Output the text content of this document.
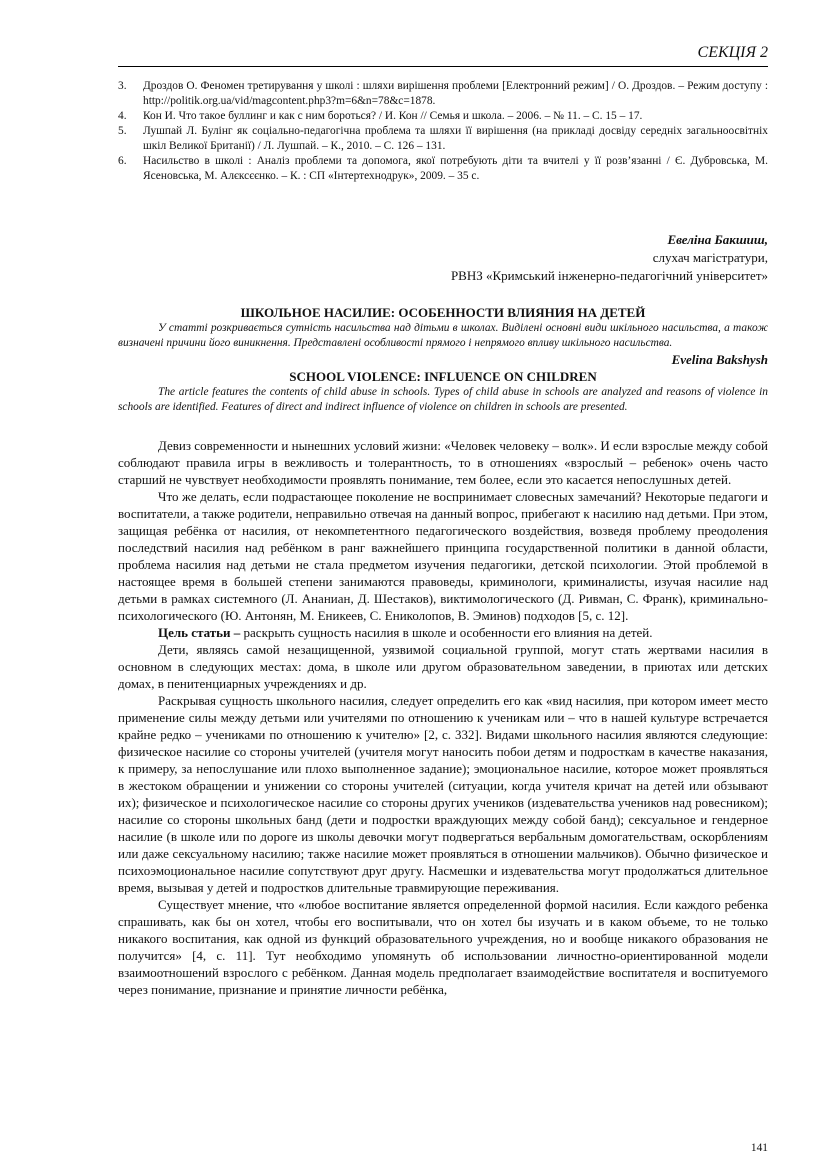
СЕКЦІЯ 2
3. Дроздов О. Феномен третирування у школі : шляхи вирішення проблеми [Електронний режим] / О. Дроздов. – Режим доступу : http://politik.org.ua/vid/magcontent.php3?m=6&n=78&c=1878.
4. Кон И. Что такое буллинг и как с ним бороться? / И. Кон // Семья и школа. – 2006. – № 11. – С. 15 – 17.
5. Лушпай Л. Булінг як соціально-педагогічна проблема та шляхи її вирішення (на прикладі досвіду середніх загальноосвітніх шкіл Великої Британії) / Л. Лушпай. – К., 2010. – С. 126 – 131.
6. Насильство в школі : Аналіз проблеми та допомога, якої потребують діти та вчителі у її розв’язанні / Є. Дубровська, М. Ясеновська, М. Алєксєєнко. – К. : СП «Інтертехнодрук», 2009. – 35 с.
Евеліна Бакшиш,
слухач магістратури,
РВНЗ «Кримський інженерно-педагогічний університет»
ШКОЛЬНОЕ НАСИЛИЕ: ОСОБЕННОСТИ ВЛИЯНИЯ НА ДЕТЕЙ

У статті розкривається сутність насильства над дітьми в школах. Виділені основні види шкільного насильства, а також визначені причини його виникнення. Представлені особливості прямого і непрямого впливу шкільного насильства.

Evelina Bakshysh
SCHOOL VIOLENCE: INFLUENCE ON CHILDREN

The article features the contents of child abuse in schools. Types of child abuse in schools are analyzed and reasons of violence in schools are identified. Features of direct and indirect influence of violence on children in schools are presented.

Девиз современности и нынешних условий жизни: «Человек человеку – волк». И если взрослые между собой соблюдают правила игры в вежливость и толерантность, то в отношениях «взрослый – ребенок» очень часто старший не чувствует необходимости проявлять понимание, тем более, если это касается непослушных детей.

Что же делать, если подрастающее поколение не воспринимает словесных замечаний? Некоторые педагоги и воспитатели, а также родители, неправильно отвечая на данный вопрос, прибегают к насилию над детьми. При этом, защищая ребёнка от насилия, от некомпетентного педагогического воздействия, возведя проблему преодоления последствий насилия над ребёнком в ранг важнейшего принципа государственной политики в данной области, проблема насилия над детьми не стала предметом изучения педагогики, детской психологии. Этой проблемой в настоящее время в большей степени занимаются правоведы, криминологи, криминалисты, изучая насилие над детьми в рамках системного (Л. Ананиан, Д. Шестаков), виктимологического (Д. Ривман, С. Франк), криминально-психологического (Ю. Антонян, М. Еникеев, С. Ениколопов, В. Эминов) подходов [5, с. 12].

Цель статьи – раскрыть сущность насилия в школе и особенности его влияния на детей.

Дети, являясь самой незащищенной, уязвимой социальной группой, могут стать жертвами насилия в основном в следующих местах: дома, в школе или другом образовательном заведении, в приютах или детских домах, в пенитенциарных учреждениях и др.

Раскрывая сущность школьного насилия, следует определить его как «вид насилия, при котором имеет место применение силы между детьми или учителями по отношению к ученикам или – что в нашей культуре встречается крайне редко – учениками по отношению к учителю» [2, с. 332]. Видами школьного насилия являются следующие: физическое насилие со стороны учителей (учителя могут наносить побои детям и подросткам в качестве наказания, к примеру, за непослушание или плохо выполненное задание); эмоциональное насилие, которое может проявляться в жестоком обращении и унижении со стороны учителей (ситуации, когда учителя кричат на детей или обзывают их); физическое и психологическое насилие со стороны других учеников (издевательства учеников над ровесником); насилие со стороны школьных банд (дети и подростки враждующих между собой банд); сексуальное и гендерное насилие (в школе или по дороге из школы девочки могут подвергаться вербальным домогательствам, оскорблениям или даже сексуальному насилию; также насилие может проявляться в отношении мальчиков). Обычно физическое и психоэмоциональное насилие сопутствуют друг другу. Насмешки и издевательства могут продолжаться длительное время, вызывая у детей и подростков длительные травмирующие переживания.

Существует мнение, что «любое воспитание является определенной формой насилия. Если каждого ребенка спрашивать, как бы он хотел, чтобы его воспитывали, что он хотел бы изучать и в каком объеме, то не только никакого воспитания, как одной из функций образовательного учреждения, но и вообще никакого образования не получится» [4, с. 11]. Тут необходимо упомянуть об использовании личностно-ориентированной модели взаимоотношений взрослого с ребёнком. Данная модель предполагает взаимодействие воспитателя и воспитуемого через понимание, признание и принятие личности ребёнка,

141
